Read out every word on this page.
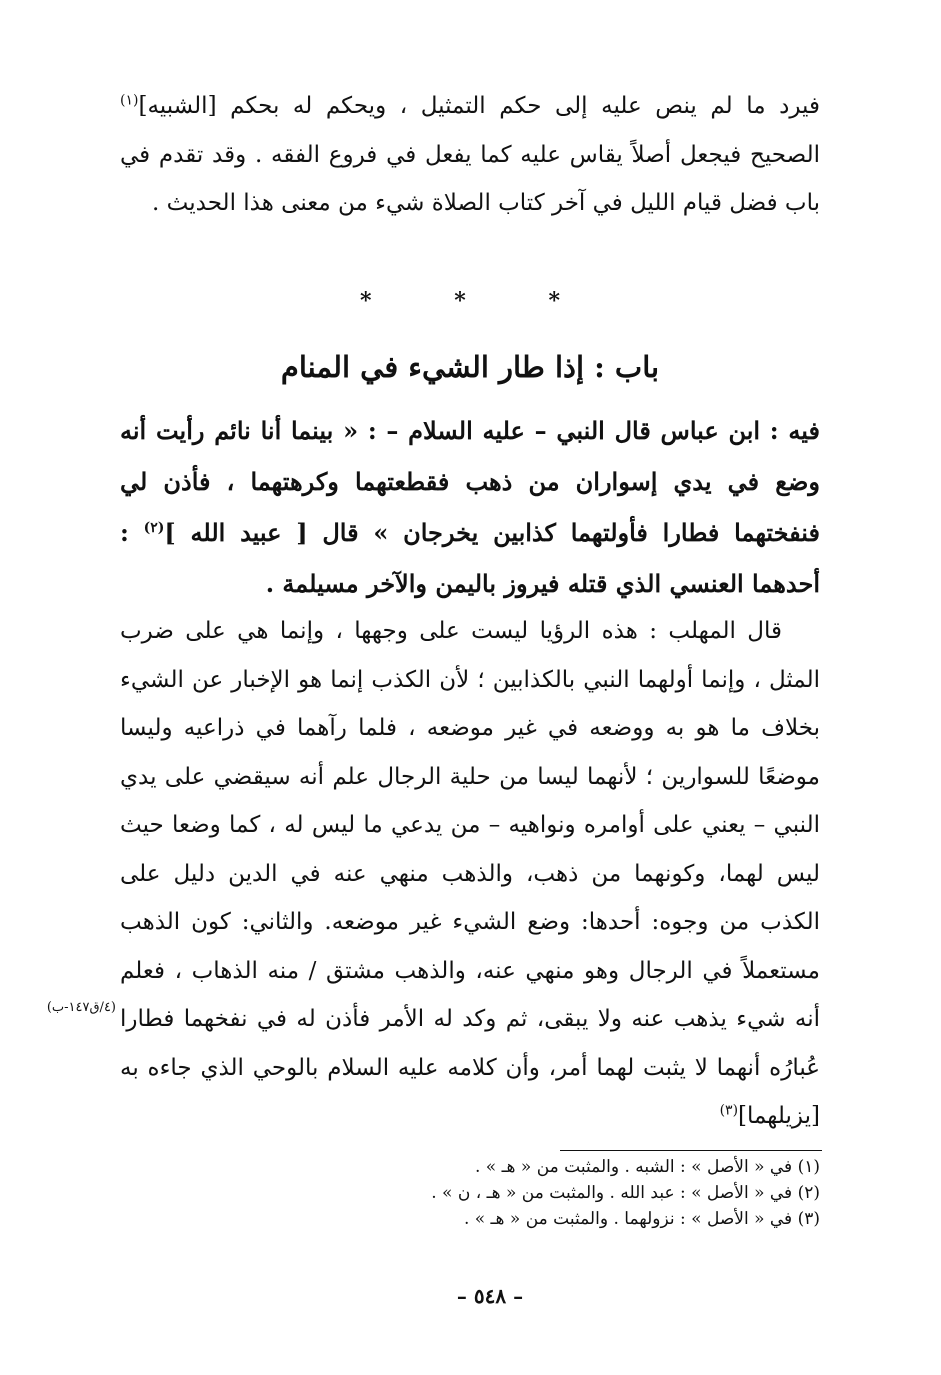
فيرد ما لم ينص عليه إلى حكم التمثيل ، ويحكم له بحكم [الشبيه]$^{(١)}$ الصحيح فيجعل أصلاً يقاس عليه كما يفعل في فروع الفقه . وقد تقدم في باب فضل قيام الليل في آخر كتاب الصلاة شيء من معنى هذا الحديث .

*
*
*
باب : إذا طار الشيء في المنام

فيه : ابن عباس قال النبي – عليه السلام – : « بينما أنا نائم رأيت أنه وضع في يدي إسواران من ذهب فقطعتهما وكرهتهما ، فأذن لي فنفختهما فطارا فأولتهما كذابين يخرجان » قال [ عبيد الله ]$^{(٢)}$ : أحدهما العنسي الذي قتله فيروز باليمن والآخر مسيلمة .

قال المهلب : هذه الرؤيا ليست على وجهها ، وإنما هي على ضرب المثل ، وإنما أولهما النبي بالكذابين ؛ لأن الكذب إنما هو الإخبار عن الشيء بخلاف ما هو به ووضعه في غير موضعه ، فلما رآهما في ذراعيه وليسا موضعًا للسوارين ؛ لأنهما ليسا من حلية الرجال علم أنه سيقضي على يدي النبي – يعني على أوامره ونواهيه – من يدعي ما ليس له ، كما وضعا حيث ليس لهما، وكونهما من ذهب، والذهب منهي عنه في الدين دليل على الكذب من وجوه: أحدها: وضع الشيء غير موضعه. والثاني: كون الذهب مستعملاً في الرجال وهو منهي عنه، والذهب مشتق / منه الذهاب ، فعلم أنه شيء يذهب عنه ولا يبقى، ثم وكد له الأمر فأذن له في نفخهما فطارا عُبارُه أنهما لا يثبت لهما أمر، وأن كلامه عليه السلام بالوحي الذي جاءه به [يزيلهما]$^{(٣)}$

(٤/ق١٤٧-ب)
(١) في « الأصل » : الشبه . والمثبت من « هـ » .
(٢) في « الأصل » : عبد الله . والمثبت من « هـ ، ن » .
(٣) في « الأصل » : نزولهما . والمثبت من « هـ » .
– ٥٤٨ –
